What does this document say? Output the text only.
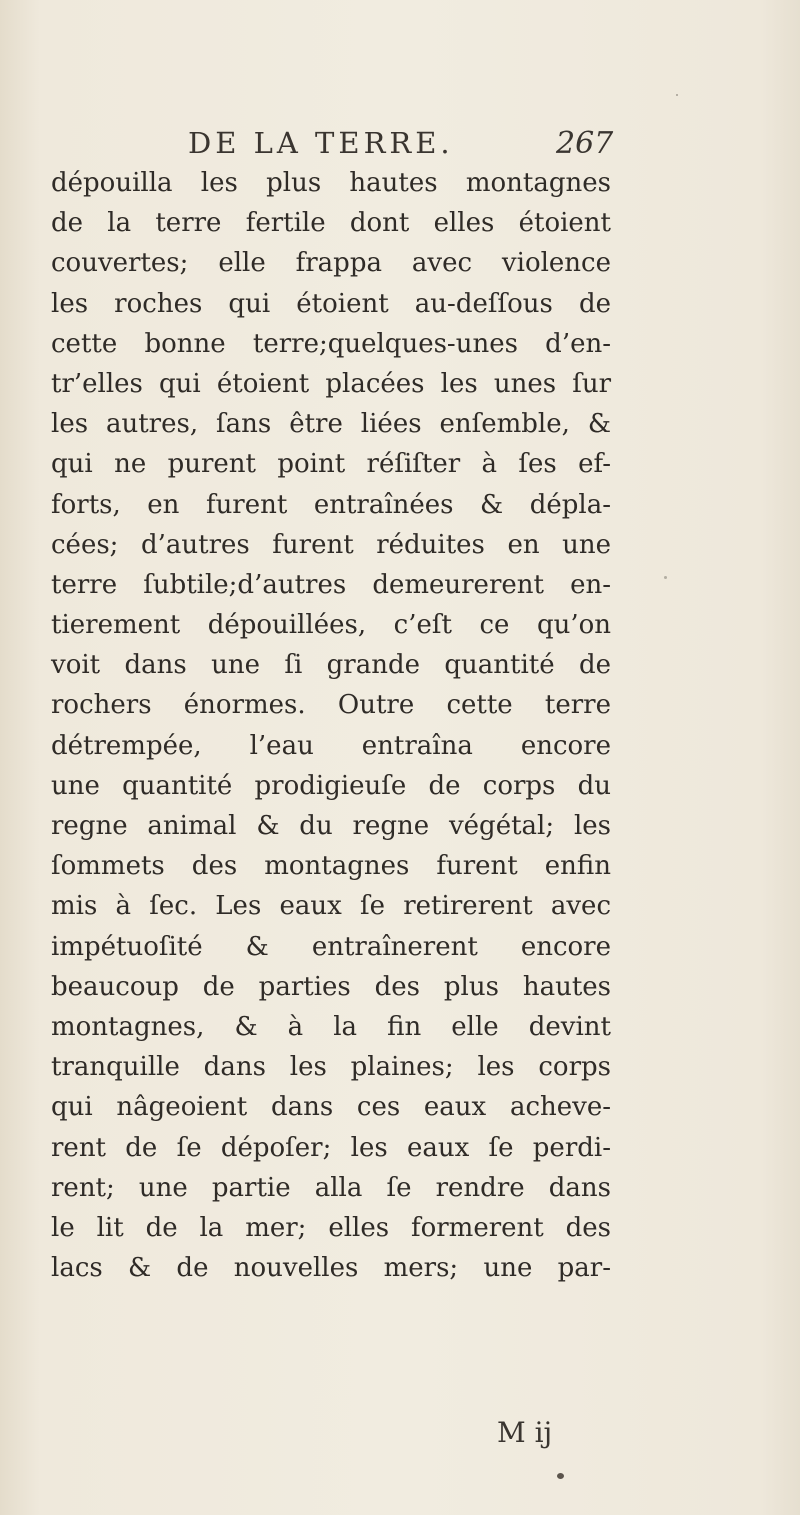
DE LA TERRE.	267
dépouilla les plus hautes montagnes
de la terre fertile dont elles étoient
couvertes; elle frappa avec violence
les roches qui étoient au-deſſous de
cette bonne terre;quelques-unes d’en-
tr’elles qui étoient placées les unes ſur
les autres, ſans être liées enſemble, &
qui ne purent point réſiſter à ſes ef-
forts, en furent entraînées & dépla-
cées; d’autres furent réduites en une
terre ſubtile;d’autres demeurerent en-
tierement dépouillées, c’eſt ce qu’on
voit dans une ſi grande quantité de
rochers énormes. Outre cette terre
détrempée, l’eau entraîna encore
une quantité prodigieuſe de corps du
regne animal & du regne végétal; les
ſommets des montagnes furent enfin
mis à ſec. Les eaux ſe retirerent avec
impétuoſité & entraînerent encore
beaucoup de parties des plus hautes
montagnes, & à la fin elle devint
tranquille dans les plaines; les corps
qui nâgeoient dans ces eaux acheve-
rent de ſe dépoſer; les eaux ſe perdi-
rent; une partie alla ſe rendre dans
le lit de la mer; elles formerent des
lacs & de nouvelles mers; une par-
M ij
